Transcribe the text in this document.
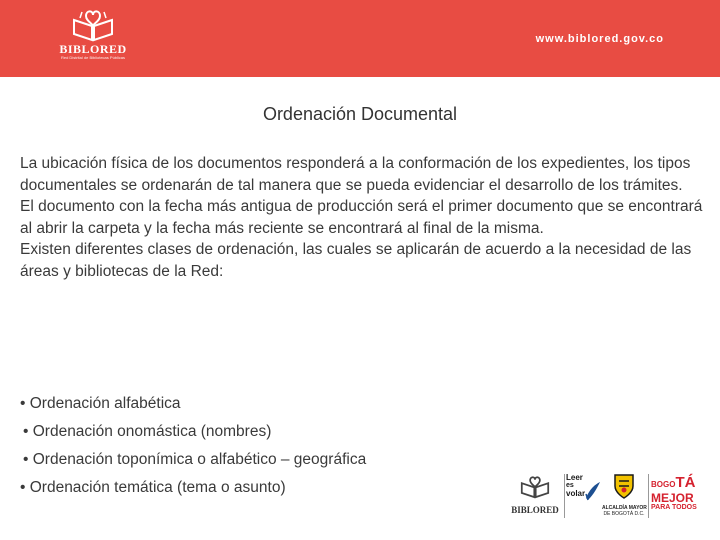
BIBLORED
Red Distrital de Bibliotecas Públicas
www.biblored.gov.co
Ordenación Documental

La ubicación física de los documentos responderá a la conformación de los expedientes, los tipos documentales se ordenarán de tal manera que se pueda evidenciar el desarrollo de los trámites.

El documento con la fecha más antigua de producción será el primer documento que se encontrará al abrir la carpeta y la fecha más reciente se encontrará al final de la misma.

Existen diferentes clases de ordenación, las cuales se aplicarán de acuerdo a la necesidad de las áreas y bibliotecas de la Red:

• Ordenación alfabética
• Ordenación onomástica (nombres)
• Ordenación toponímica o alfabético – geográfica
• Ordenación temática (tema o asunto)
BIBLORED
Leer
es
volar
ALCALDÍA MAYOR
DE BOGOTÁ D.C.
BOGOTÁ
MEJOR
PARA TODOS
